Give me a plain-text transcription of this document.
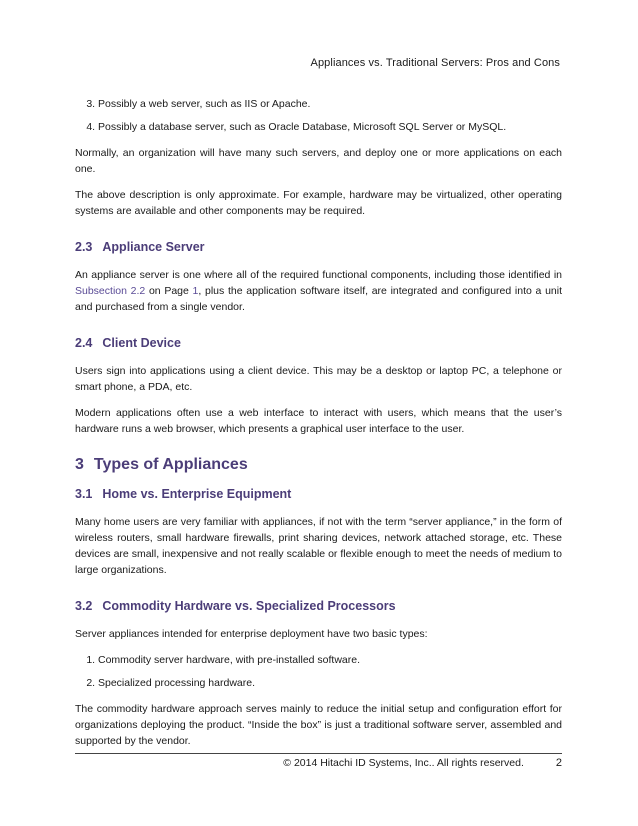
Appliances vs. Traditional Servers: Pros and Cons
3. Possibly a web server, such as IIS or Apache.
4. Possibly a database server, such as Oracle Database, Microsoft SQL Server or MySQL.

Normally, an organization will have many such servers, and deploy one or more applications on each one.

The above description is only approximate. For example, hardware may be virtualized, other operating systems are available and other components may be required.

2.3 Appliance Server

An appliance server is one where all of the required functional components, including those identified in Subsection 2.2 on Page 1, plus the application software itself, are integrated and configured into a unit and purchased from a single vendor.

2.4 Client Device

Users sign into applications using a client device. This may be a desktop or laptop PC, a telephone or smart phone, a PDA, etc.

Modern applications often use a web interface to interact with users, which means that the user’s hardware runs a web browser, which presents a graphical user interface to the user.

3 Types of Appliances
3.1 Home vs. Enterprise Equipment

Many home users are very familiar with appliances, if not with the term “server appliance,” in the form of wireless routers, small hardware firewalls, print sharing devices, network attached storage, etc. These devices are small, inexpensive and not really scalable or flexible enough to meet the needs of medium to large organizations.

3.2 Commodity Hardware vs. Specialized Processors

Server appliances intended for enterprise deployment have two basic types:

1. Commodity server hardware, with pre-installed software.
2. Specialized processing hardware.

The commodity hardware approach serves mainly to reduce the initial setup and configuration effort for organizations deploying the product. “Inside the box” is just a traditional software server, assembled and supported by the vendor.

© 2014 Hitachi ID Systems, Inc.. All rights reserved.	2
